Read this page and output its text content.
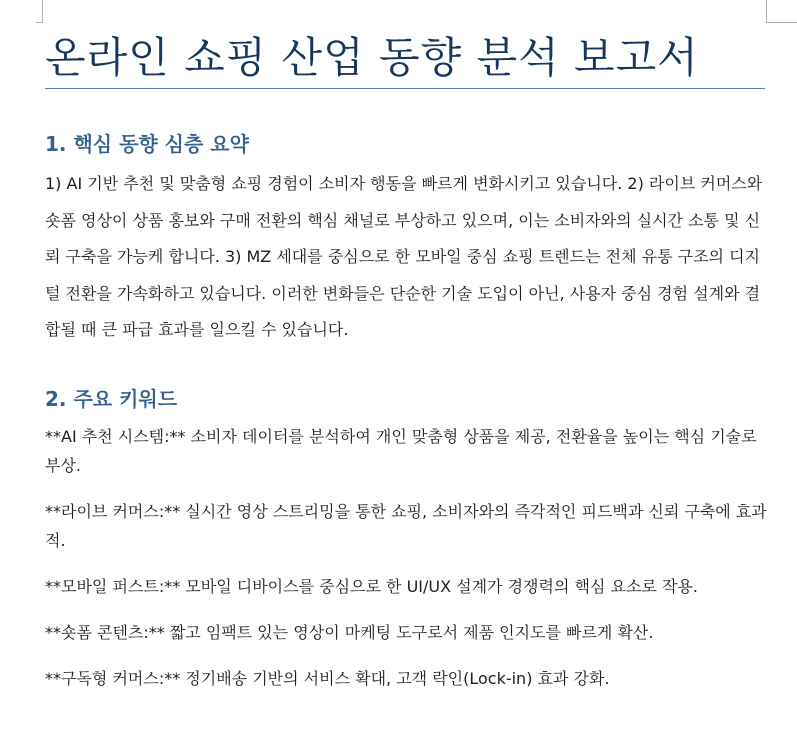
온라인 쇼핑 산업 동향 분석 보고서
1. 핵심 동향 심층 요약

1) AI 기반 추천 및 맞춤형 쇼핑 경험이 소비자 행동을 빠르게 변화시키고 있습니다. 2) 라이브 커머스와 숏폼 영상이 상품 홍보와 구매 전환의 핵심 채널로 부상하고 있으며, 이는 소비자와의 실시간 소통 및 신뢰 구축을 가능케 합니다. 3) MZ 세대를 중심으로 한 모바일 중심 쇼핑 트렌드는 전체 유통 구조의 디지털 전환을 가속화하고 있습니다. 이러한 변화들은 단순한 기술 도입이 아닌, 사용자 중심 경험 설계와 결합될 때 큰 파급 효과를 일으킬 수 있습니다.

2. 주요 키워드
**AI 추천 시스템:** 소비자 데이터를 분석하여 개인 맞춤형 상품을 제공, 전환율을 높이는 핵심 기술로 부상.
**라이브 커머스:** 실시간 영상 스트리밍을 통한 쇼핑, 소비자와의 즉각적인 피드백과 신뢰 구축에 효과적.
**모바일 퍼스트:** 모바일 디바이스를 중심으로 한 UI/UX 설계가 경쟁력의 핵심 요소로 작용.
**숏폼 콘텐츠:** 짧고 임팩트 있는 영상이 마케팅 도구로서 제품 인지도를 빠르게 확산.
**구독형 커머스:** 정기배송 기반의 서비스 확대, 고객 락인(Lock-in) 효과 강화.
